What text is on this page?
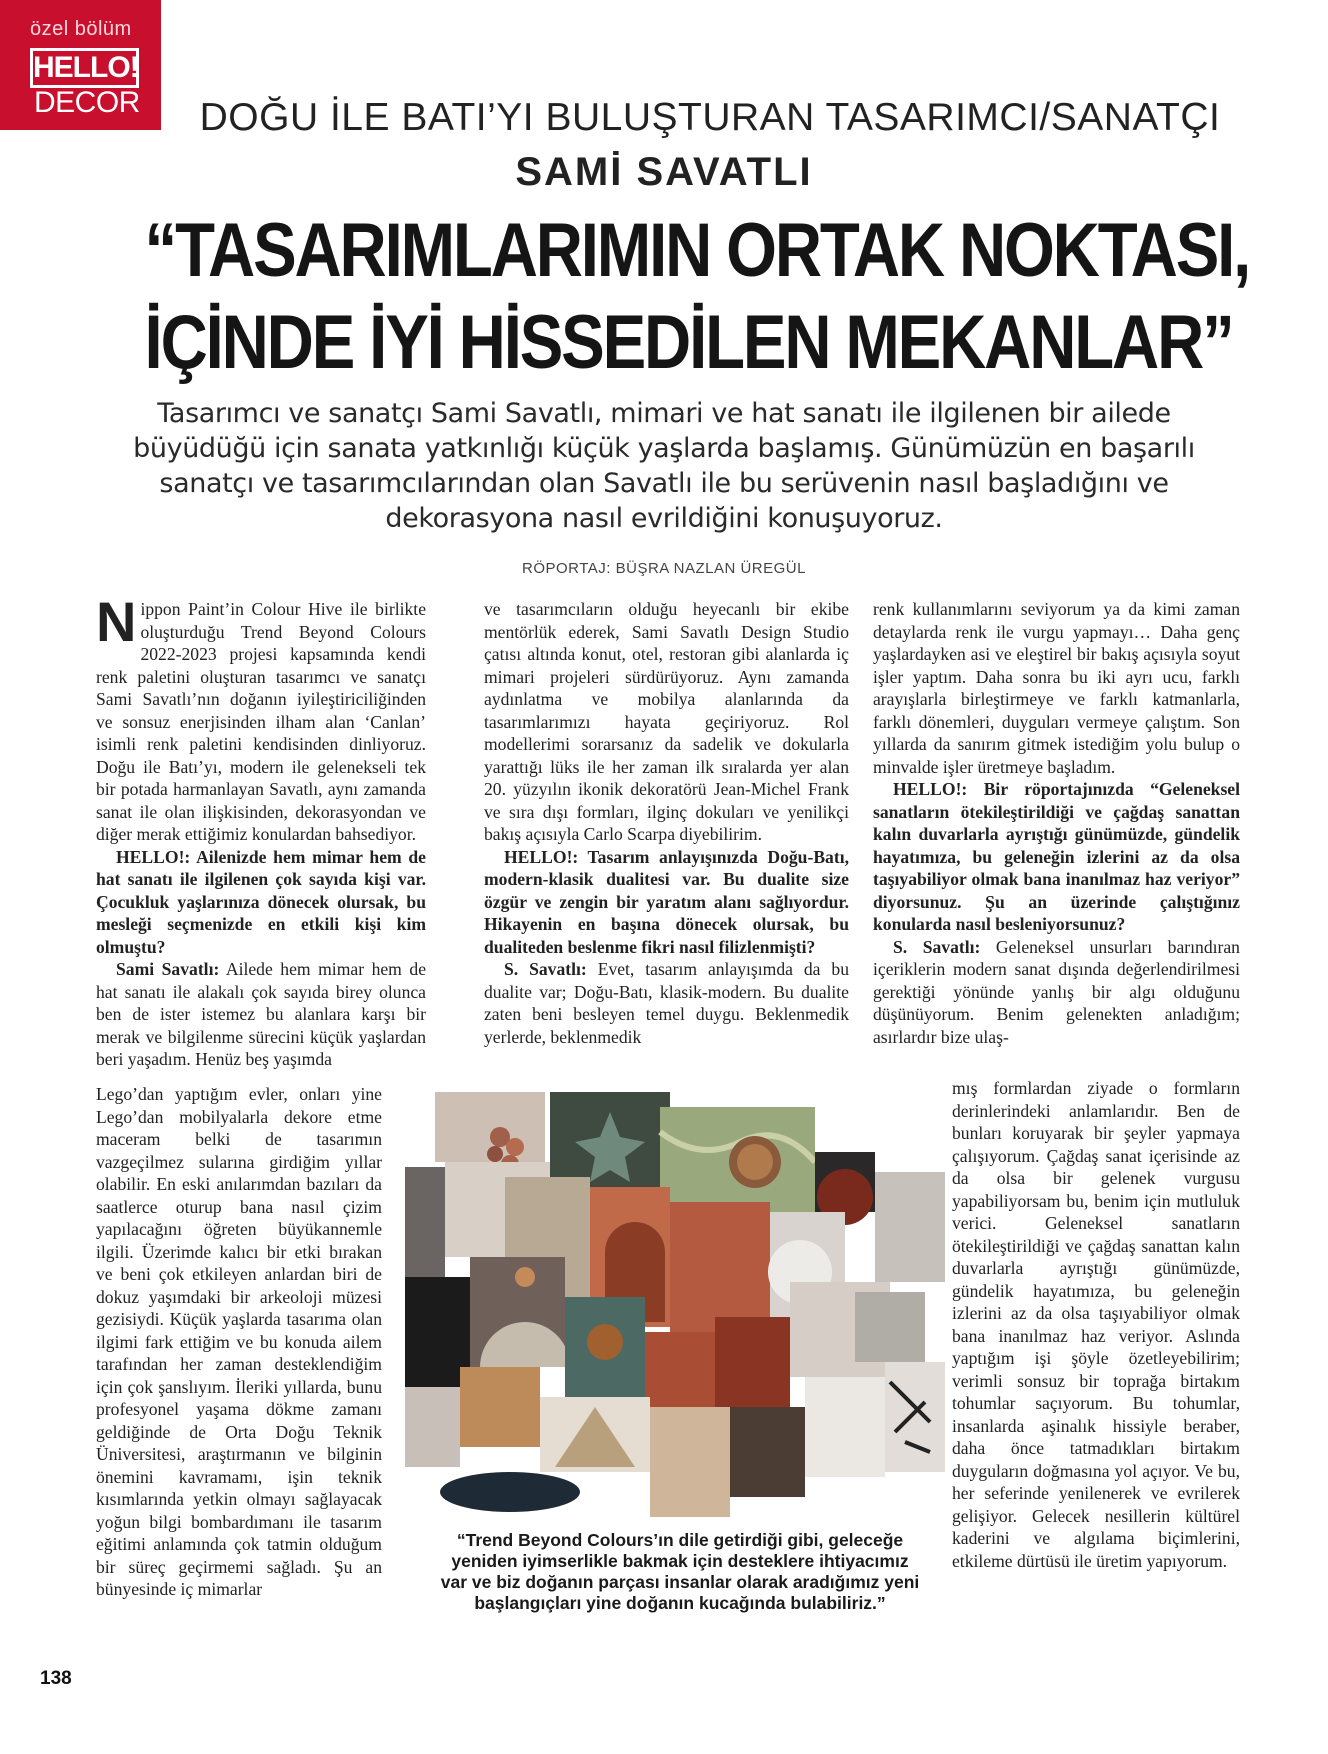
özel bölüm
HELLO!
DECOR	DOĞU İLE BATI’YI BULUŞTURAN TASARIMCI/SANATÇI
SAMİ SAVATLI
“TASARIMLARIMIN ORTAK NOKTASI,
İÇİNDE İYİ HİSSEDİLEN MEKANLAR”
Tasarımcı ve sanatçı Sami Savatlı, mimari ve hat sanatı ile ilgilenen bir ailede büyüdüğü için sanata yatkınlığı küçük yaşlarda başlamış. Günümüzün en başarılı sanatçı ve tasarımcılarından olan Savatlı ile bu serüvenin nasıl başladığını ve dekorasyona nasıl evrildiğini konuşuyoruz.
RÖPORTAJ: BÜŞRA NAZLAN ÜREGÜL

Nippon Paint’in Colour Hive ile birlikte oluşturduğu Trend Beyond Colours 2022-2023 projesi kapsamında kendi renk paletini oluşturan tasarımcı ve sanatçı Sami Savatlı’nın doğanın iyileştiriciliğinden ve sonsuz enerjisinden ilham alan ‘Canlan’ isimli renk paletini kendisinden dinliyoruz. Doğu ile Batı’yı, modern ile gelenekseli tek bir potada harmanlayan Savatlı, aynı zamanda sanat ile olan ilişkisinden, dekorasyondan ve diğer merak ettiğimiz konulardan bahsediyor.

HELLO!: Ailenizde hem mimar hem de hat sanatı ile ilgilenen çok sayıda kişi var. Çocukluk yaşlarınıza dönecek olursak, bu mesleği seçmenizde en etkili kişi kim olmuştu?

Sami Savatlı: Ailede hem mimar hem de hat sanatı ile alakalı çok sayıda birey olunca ben de ister istemez bu alanlara karşı bir merak ve bilgilenme sürecini küçük yaşlardan beri yaşadım. Henüz beş yaşımda

Lego’dan yaptığım evler, onları yine Lego’dan mobilyalarla dekore etme maceram belki de tasarımın vazgeçilmez sularına girdiğim yıllar olabilir. En eski anılarımdan bazıları da saatlerce oturup bana nasıl çizim yapılacağını öğreten büyükannemle ilgili. Üzerimde kalıcı bir etki bırakan ve beni çok etkileyen anlardan biri de dokuz yaşımdaki bir arkeoloji müzesi gezisiydi. Küçük yaşlarda tasarıma olan ilgimi fark ettiğim ve bu konuda ailem tarafından her zaman desteklendiğim için çok şanslıyım. İleriki yıllarda, bunu profesyonel yaşama dökme zamanı geldiğinde de Orta Doğu Teknik Üniversitesi, araştırmanın ve bilginin önemini kavramamı, işin teknik kısımlarında yetkin olmayı sağlayacak yoğun bilgi bombardımanı ile tasarım eğitimi anlamında çok tatmin olduğum bir süreç geçirmemi sağladı. Şu an bünyesinde iç mimarlar

ve tasarımcıların olduğu heyecanlı bir ekibe mentörlük ederek, Sami Savatlı Design Studio çatısı altında konut, otel, restoran gibi alanlarda iç mimari projeleri sürdürüyoruz. Aynı zamanda aydınlatma ve mobilya alanlarında da tasarımlarımızı hayata geçiriyoruz. Rol modellerimi sorarsanız da sadelik ve dokularla yarattığı lüks ile her zaman ilk sıralarda yer alan 20. yüzyılın ikonik dekoratörü Jean-Michel Frank ve sıra dışı formları, ilginç dokuları ve yenilikçi bakış açısıyla Carlo Scarpa diyebilirim.

HELLO!: Tasarım anlayışınızda Doğu-Batı, modern-klasik dualitesi var. Bu dualite size özgür ve zengin bir yaratım alanı sağlıyordur. Hikayenin en başına dönecek olursak, bu dualiteden beslenme fikri nasıl filizlenmişti?

S. Savatlı: Evet, tasarım anlayışımda da bu dualite var; Doğu-Batı, klasik-modern. Bu dualite zaten beni besleyen temel duygu. Beklenmedik yerlerde, beklenmedik

renk kullanımlarını seviyorum ya da kimi zaman detaylarda renk ile vurgu yapmayı… Daha genç yaşlardayken asi ve eleştirel bir bakış açısıyla soyut işler yaptım. Daha sonra bu iki ayrı ucu, farklı arayışlarla birleştirmeye ve farklı katmanlarla, farklı dönemleri, duyguları vermeye çalıştım. Son yıllarda da sanırım gitmek istediğim yolu bulup o minvalde işler üretmeye başladım.

HELLO!: Bir röportajınızda “Geleneksel sanatların ötekileştirildiği ve çağdaş sanattan kalın duvarlarla ayrıştığı günümüzde, gündelik hayatımıza, bu geleneğin izlerini az da olsa taşıyabiliyor olmak bana inanılmaz haz veriyor” diyorsunuz. Şu an üzerinde çalıştığınız konularda nasıl besleniyorsunuz?

S. Savatlı: Geleneksel unsurları barındıran içeriklerin modern sanat dışında değerlendirilmesi gerektiği yönünde yanlış bir algı olduğunu düşünüyorum. Benim gelenekten anladığım; asırlardır bize ulaş-

mış formlardan ziyade o formların derinlerindeki anlamlarıdır. Ben de bunları koruyarak bir şeyler yapmaya çalışıyorum. Çağdaş sanat içerisinde az da olsa bir gelenek vurgusu yapabiliyorsam bu, benim için mutluluk verici. Geleneksel sanatların ötekileştirildiği ve çağdaş sanattan kalın duvarlarla ayrıştığı günümüzde, gündelik hayatımıza, bu geleneğin izlerini az da olsa taşıyabiliyor olmak bana inanılmaz haz veriyor. Aslında yaptığım işi şöyle özetleyebilirim; verimli sonsuz bir toprağa birtakım tohumlar saçıyorum. Bu tohumlar, insanlarda aşinalık hissiyle beraber, daha önce tatmadıkları birtakım duyguların doğmasına yol açıyor. Ve bu, her seferinde yenilenerek ve evrilerek gelişiyor. Gelecek nesillerin kültürel kaderini ve algılama biçimlerini, etkileme dürtüsü ile üretim yapıyorum.

“Trend Beyond Colours’ın dile getirdiği gibi, geleceğe yeniden iyimserlikle bakmak için desteklere ihtiyacımız var ve biz doğanın parçası insanlar olarak aradığımız yeni başlangıçları yine doğanın kucağında bulabiliriz.”
138
